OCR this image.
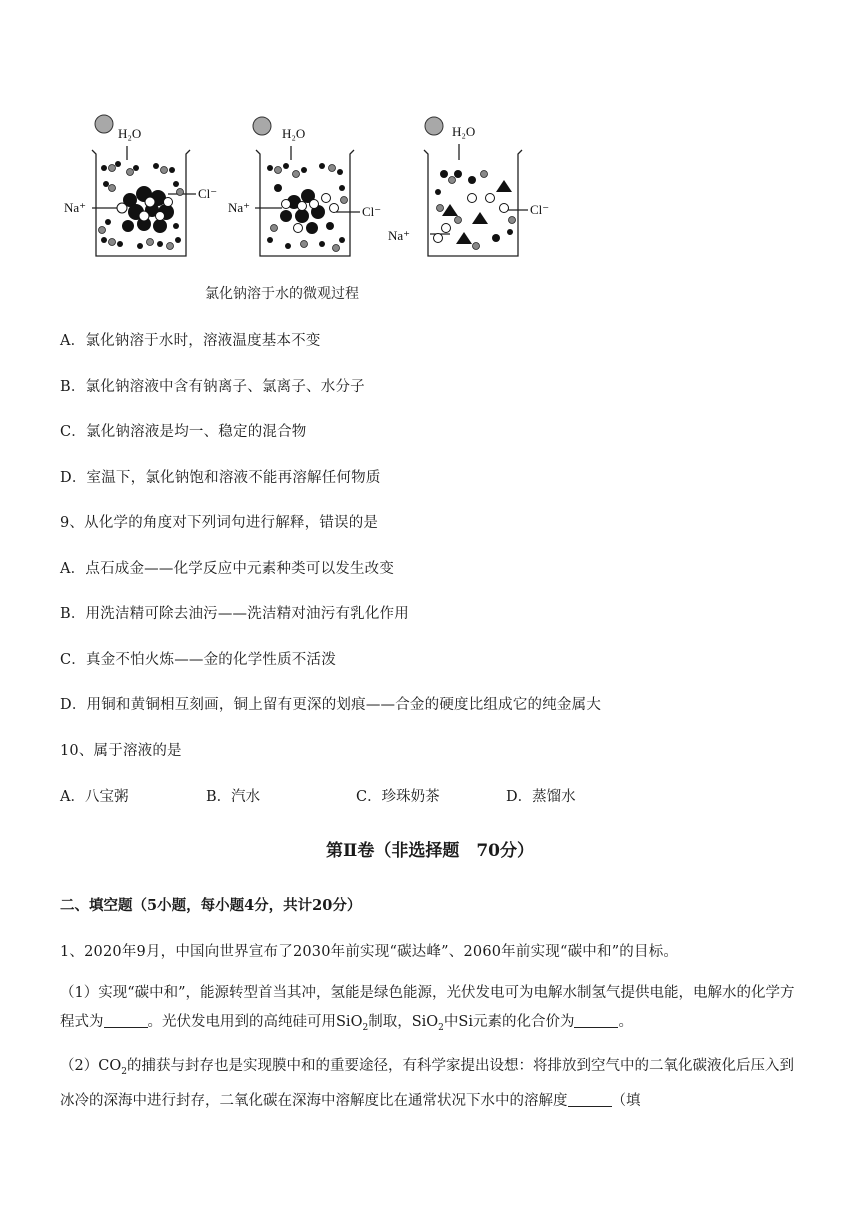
H₂O	H₂O	H₂O
Na⁺
Cl⁻
Na⁺	Cl⁻
Na⁺
Cl⁻
氯化钠溶于水的微观过程
A．氯化钠溶于水时，溶液温度基本不变
B．氯化钠溶液中含有钠离子、氯离子、水分子
C．氯化钠溶液是均一、稳定的混合物
D．室温下，氯化钠饱和溶液不能再溶解任何物质
9、从化学的角度对下列词句进行解释，错误的是
A．点石成金——化学反应中元素种类可以发生改变
B．用洗洁精可除去油污——洗洁精对油污有乳化作用
C．真金不怕火炼——金的化学性质不活泼
D．用铜和黄铜相互刻画，铜上留有更深的划痕——合金的硬度比组成它的纯金属大
10、属于溶液的是
A．八宝粥	B．汽水	C．珍珠奶茶	D．蒸馏水
第Ⅱ卷（非选择题　70分）
二、填空题（5小题，每小题4分，共计20分）
1、2020年9月，中国向世界宣布了2030年前实现“碳达峰”、2060年前实现“碳中和”的目标。
（1）实现“碳中和”，能源转型首当其冲，氢能是绿色能源，光伏发电可为电解水制氢气提供电能，电解水的化学方程式为	。光伏发电用到的高纯硅可用SiO$_2$制取，SiO$_2$中Si元素的化合价为	。
$(2)CO_2$的捕获与封存也是实现膜中和的重要途径，有科学家提出设想：将排放到空气中的二氧化碳液化后压入到冰冷的深海中进行封存，二氧化碳在深海中溶解度比在通常状况下水中的溶解度	（填
